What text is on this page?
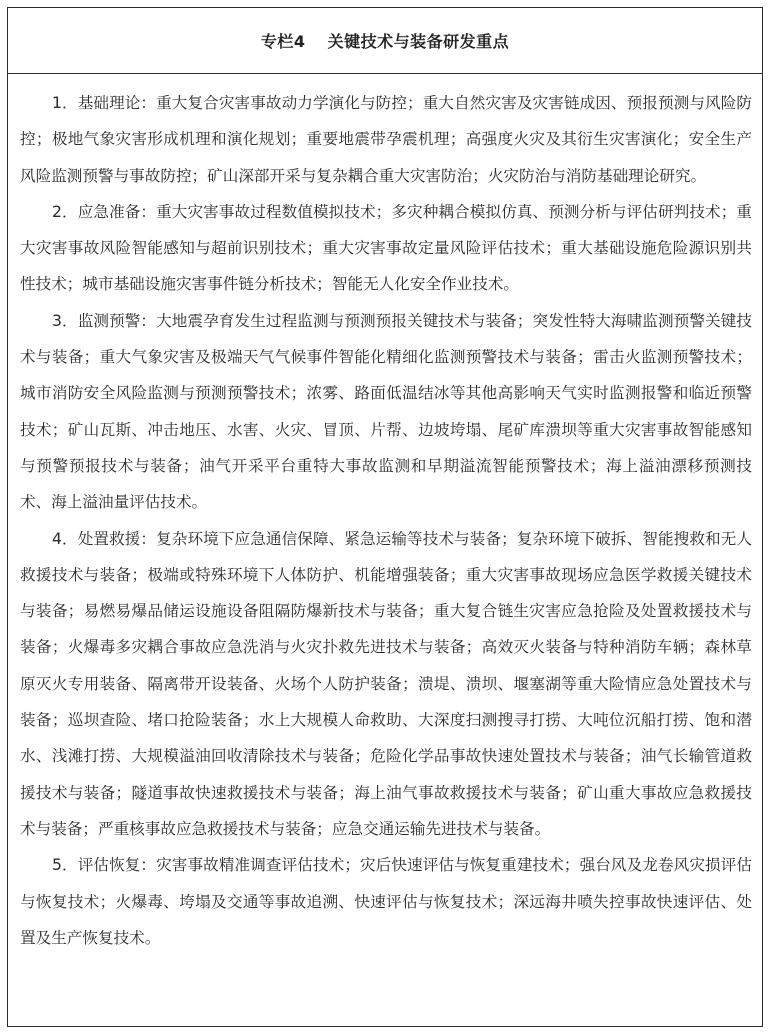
专栏4 关键技术与装备研发重点

1．基础理论：重大复合灾害事故动力学演化与防控；重大自然灾害及灾害链成因、预报预测与风险防控；极地气象灾害形成机理和演化规划；重要地震带孕震机理；高强度火灾及其衍生灾害演化；安全生产风险监测预警与事故防控；矿山深部开采与复杂耦合重大灾害防治；火灾防治与消防基础理论研究。

2．应急准备：重大灾害事故过程数值模拟技术；多灾种耦合模拟仿真、预测分析与评估研判技术；重大灾害事故风险智能感知与超前识别技术；重大灾害事故定量风险评估技术；重大基础设施危险源识别共性技术；城市基础设施灾害事件链分析技术；智能无人化安全作业技术。

3．监测预警：大地震孕育发生过程监测与预测预报关键技术与装备；突发性特大海啸监测预警关键技术与装备；重大气象灾害及极端天气气候事件智能化精细化监测预警技术与装备；雷击火监测预警技术；城市消防安全风险监测与预测预警技术；浓雾、路面低温结冰等其他高影响天气实时监测报警和临近预警技术；矿山瓦斯、冲击地压、水害、火灾、冒顶、片帮、边坡垮塌、尾矿库溃坝等重大灾害事故智能感知与预警预报技术与装备；油气开采平台重特大事故监测和早期溢流智能预警技术；海上溢油漂移预测技术、海上溢油量评估技术。

4．处置救援：复杂环境下应急通信保障、紧急运输等技术与装备；复杂环境下破拆、智能搜救和无人救援技术与装备；极端或特殊环境下人体防护、机能增强装备；重大灾害事故现场应急医学救援关键技术与装备；易燃易爆品储运设施设备阻隔防爆新技术与装备；重大复合链生灾害应急抢险及处置救援技术与装备；火爆毒多灾耦合事故应急洗消与火灾扑救先进技术与装备；高效灭火装备与特种消防车辆；森林草原灭火专用装备、隔离带开设装备、火场个人防护装备；溃堤、溃坝、堰塞湖等重大险情应急处置技术与装备；巡坝查险、堵口抢险装备；水上大规模人命救助、大深度扫测搜寻打捞、大吨位沉船打捞、饱和潜水、浅滩打捞、大规模溢油回收清除技术与装备；危险化学品事故快速处置技术与装备；油气长输管道救援技术与装备；隧道事故快速救援技术与装备；海上油气事故救援技术与装备；矿山重大事故应急救援技术与装备；严重核事故应急救援技术与装备；应急交通运输先进技术与装备。

5．评估恢复：灾害事故精准调查评估技术；灾后快速评估与恢复重建技术；强台风及龙卷风灾损评估与恢复技术；火爆毒、垮塌及交通等事故追溯、快速评估与恢复技术；深远海井喷失控事故快速评估、处置及生产恢复技术。
